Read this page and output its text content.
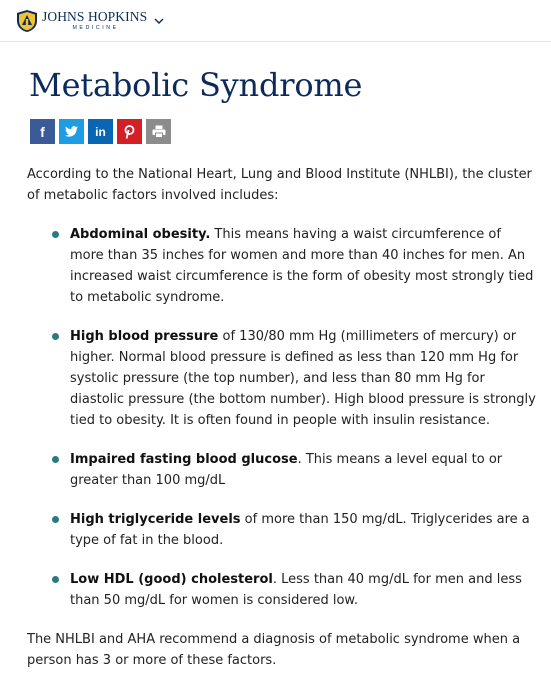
JOHNS HOPKINS
MEDICINE
Metabolic Syndrome
f	in

According to the National Heart, Lung and Blood Institute (NHLBI), the cluster of metabolic factors involved includes:

Abdominal obesity. This means having a waist circumference of more than 35 inches for women and more than 40 inches for men. An increased waist circumference is the form of obesity most strongly tied to metabolic syndrome.
High blood pressure of 130/80 mm Hg (millimeters of mercury) or higher. Normal blood pressure is defined as less than 120 mm Hg for systolic pressure (the top number), and less than 80 mm Hg for diastolic pressure (the bottom number). High blood pressure is strongly tied to obesity. It is often found in people with insulin resistance.
Impaired fasting blood glucose. This means a level equal to or greater than 100 mg/dL
High triglyceride levels of more than 150 mg/dL. Triglycerides are a type of fat in the blood.
Low HDL (good) cholesterol. Less than 40 mg/dL for men and less than 50 mg/dL for women is considered low.

The NHLBI and AHA recommend a diagnosis of metabolic syndrome when a person has 3 or more of these factors.
